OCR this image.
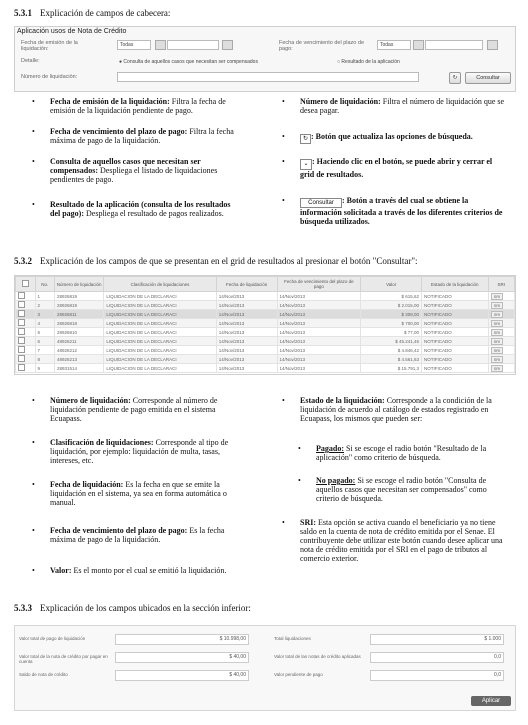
5.3.1 Explicación de campos de cabecera:
Aplicación usos de Nota de Crédito
Fecha de emisión de la liquidación:
Todas	Fecha de vencimiento del plazo de pago:
Todas
Detalle:	● Consulta de aquellos casos que necesitan ser compensados	○ Resultado de la aplicación
Número de liquidación:	↻	Consultar
• Fecha de emisión de la liquidación: Filtra la fecha de emisión de la liquidación pendiente de pago.
• Fecha de vencimiento del plazo de pago: Filtra la fecha máxima de pago de la liquidación.
• Consulta de aquellos casos que necesitan ser compensados: Despliega el listado de liquidaciones pendientes de pago.
• Resultado de la aplicación (consulta de los resultados del pago): Despliega el resultado de pagos realizados.
• Número de liquidación: Filtra el número de liquidación que se desea pagar.
•	↻ : Botón que actualiza las opciones de búsqueda.
•	⌄ : Haciendo clic en el botón, se puede abrir y cerrar el grid de resultados.
•	Consultar : Botón a través del cual se obtiene la información solicitada a través de los diferentes criterios de búsqueda utilizados.
5.3.2 Explicación de los campos de que se presentan en el grid de resultados al presionar el botón "Consultar":
	No.	Número de liquidación	Clasificación de liquidaciones	Fecha de liquidación	Fecha de vencimiento del plazo de pago	Valor	Estado de la liquidación	SRI
	1	28926819	LIQUIDACION DE LA DECLARACI	14/Nov/2013	14/Nov/2013	$ 615,62	NOTIFICADO	SRI
	2	28926819	LIQUIDACION DE LA DECLARACI	14/Nov/2013	14/Nov/2013	$ 2.015,00	NOTIFICADO	SRI
	3	28926811	LIQUIDACION DE LA DECLARACI	14/Nov/2013	14/Nov/2013	$ 308,00	NOTIFICADO	SRI
	4	28926818	LIQUIDACION DE LA DECLARACI	14/Nov/2013	14/Nov/2013	$ 700,00	NOTIFICADO	SRI
	5	28926810	LIQUIDACION DE LA DECLARACI	14/Nov/2013	14/Nov/2013	$ 77,00	NOTIFICADO	SRI
	6	48926211	LIQUIDACION DE LA DECLARACI	14/Nov/2013	14/Nov/2013	$ 45.241,46	NOTIFICADO	SRI
	7	48926212	LIQUIDACION DE LA DECLARACI	14/Nov/2013	14/Nov/2013	$ 4.846,42	NOTIFICADO	SRI
	8	48926213	LIQUIDACION DE LA DECLARACI	14/Nov/2013	14/Nov/2013	$ 4.561,63	NOTIFICADO	SRI
	9	28931514	LIQUIDACION DE LA DECLARACI	14/Nov/2013	14/Nov/2013	$ 15.791,3	NOTIFICADO	SRI
• Número de liquidación: Corresponde al número de liquidación pendiente de pago emitida en el sistema Ecuapass.
• Clasificación de liquidaciones: Corresponde al tipo de liquidación, por ejemplo: liquidación de multa, tasas, intereses, etc.
• Fecha de liquidación: Es la fecha en que se emite la liquidación en el sistema, ya sea en forma automática o manual.
• Fecha de vencimiento del plazo de pago: Es la fecha máxima de pago de la liquidación.
• Valor: Es el monto por el cual se emitió la liquidación.
• Estado de la liquidación: Corresponde a la condición de la liquidación de acuerdo al catálogo de estados registrado en Ecuapass, los mismos que pueden ser:
• Pagado: Si se escoge el radio botón "Resultado de la aplicación" como criterio de búsqueda.
• No pagado: Si se escoge el radio botón "Consulta de aquellos casos que necesitan ser compensados" como criterio de búsqueda.
• SRI: Esta opción se activa cuando el beneficiario ya no tiene saldo en la cuenta de nota de crédito emitida por el Senae. El contribuyente debe utilizar este botón cuando desee aplicar una nota de crédito emitida por el SRI en el pago de tributos al comercio exterior.
5.3.3 Explicación de los campos ubicados en la sección inferior:
Valor total de pago de liquidación	$ 10.998,00
Valor total de la nota de crédito por pagar en cuenta
$ 40,00
Saldo de nota de crédito	$ 40,00
Total liquidaciones	$ 1.000
Valor total de las notas de crédito aplicadas	0,0
Valor pendiente de pago	0,0
Aplicar
